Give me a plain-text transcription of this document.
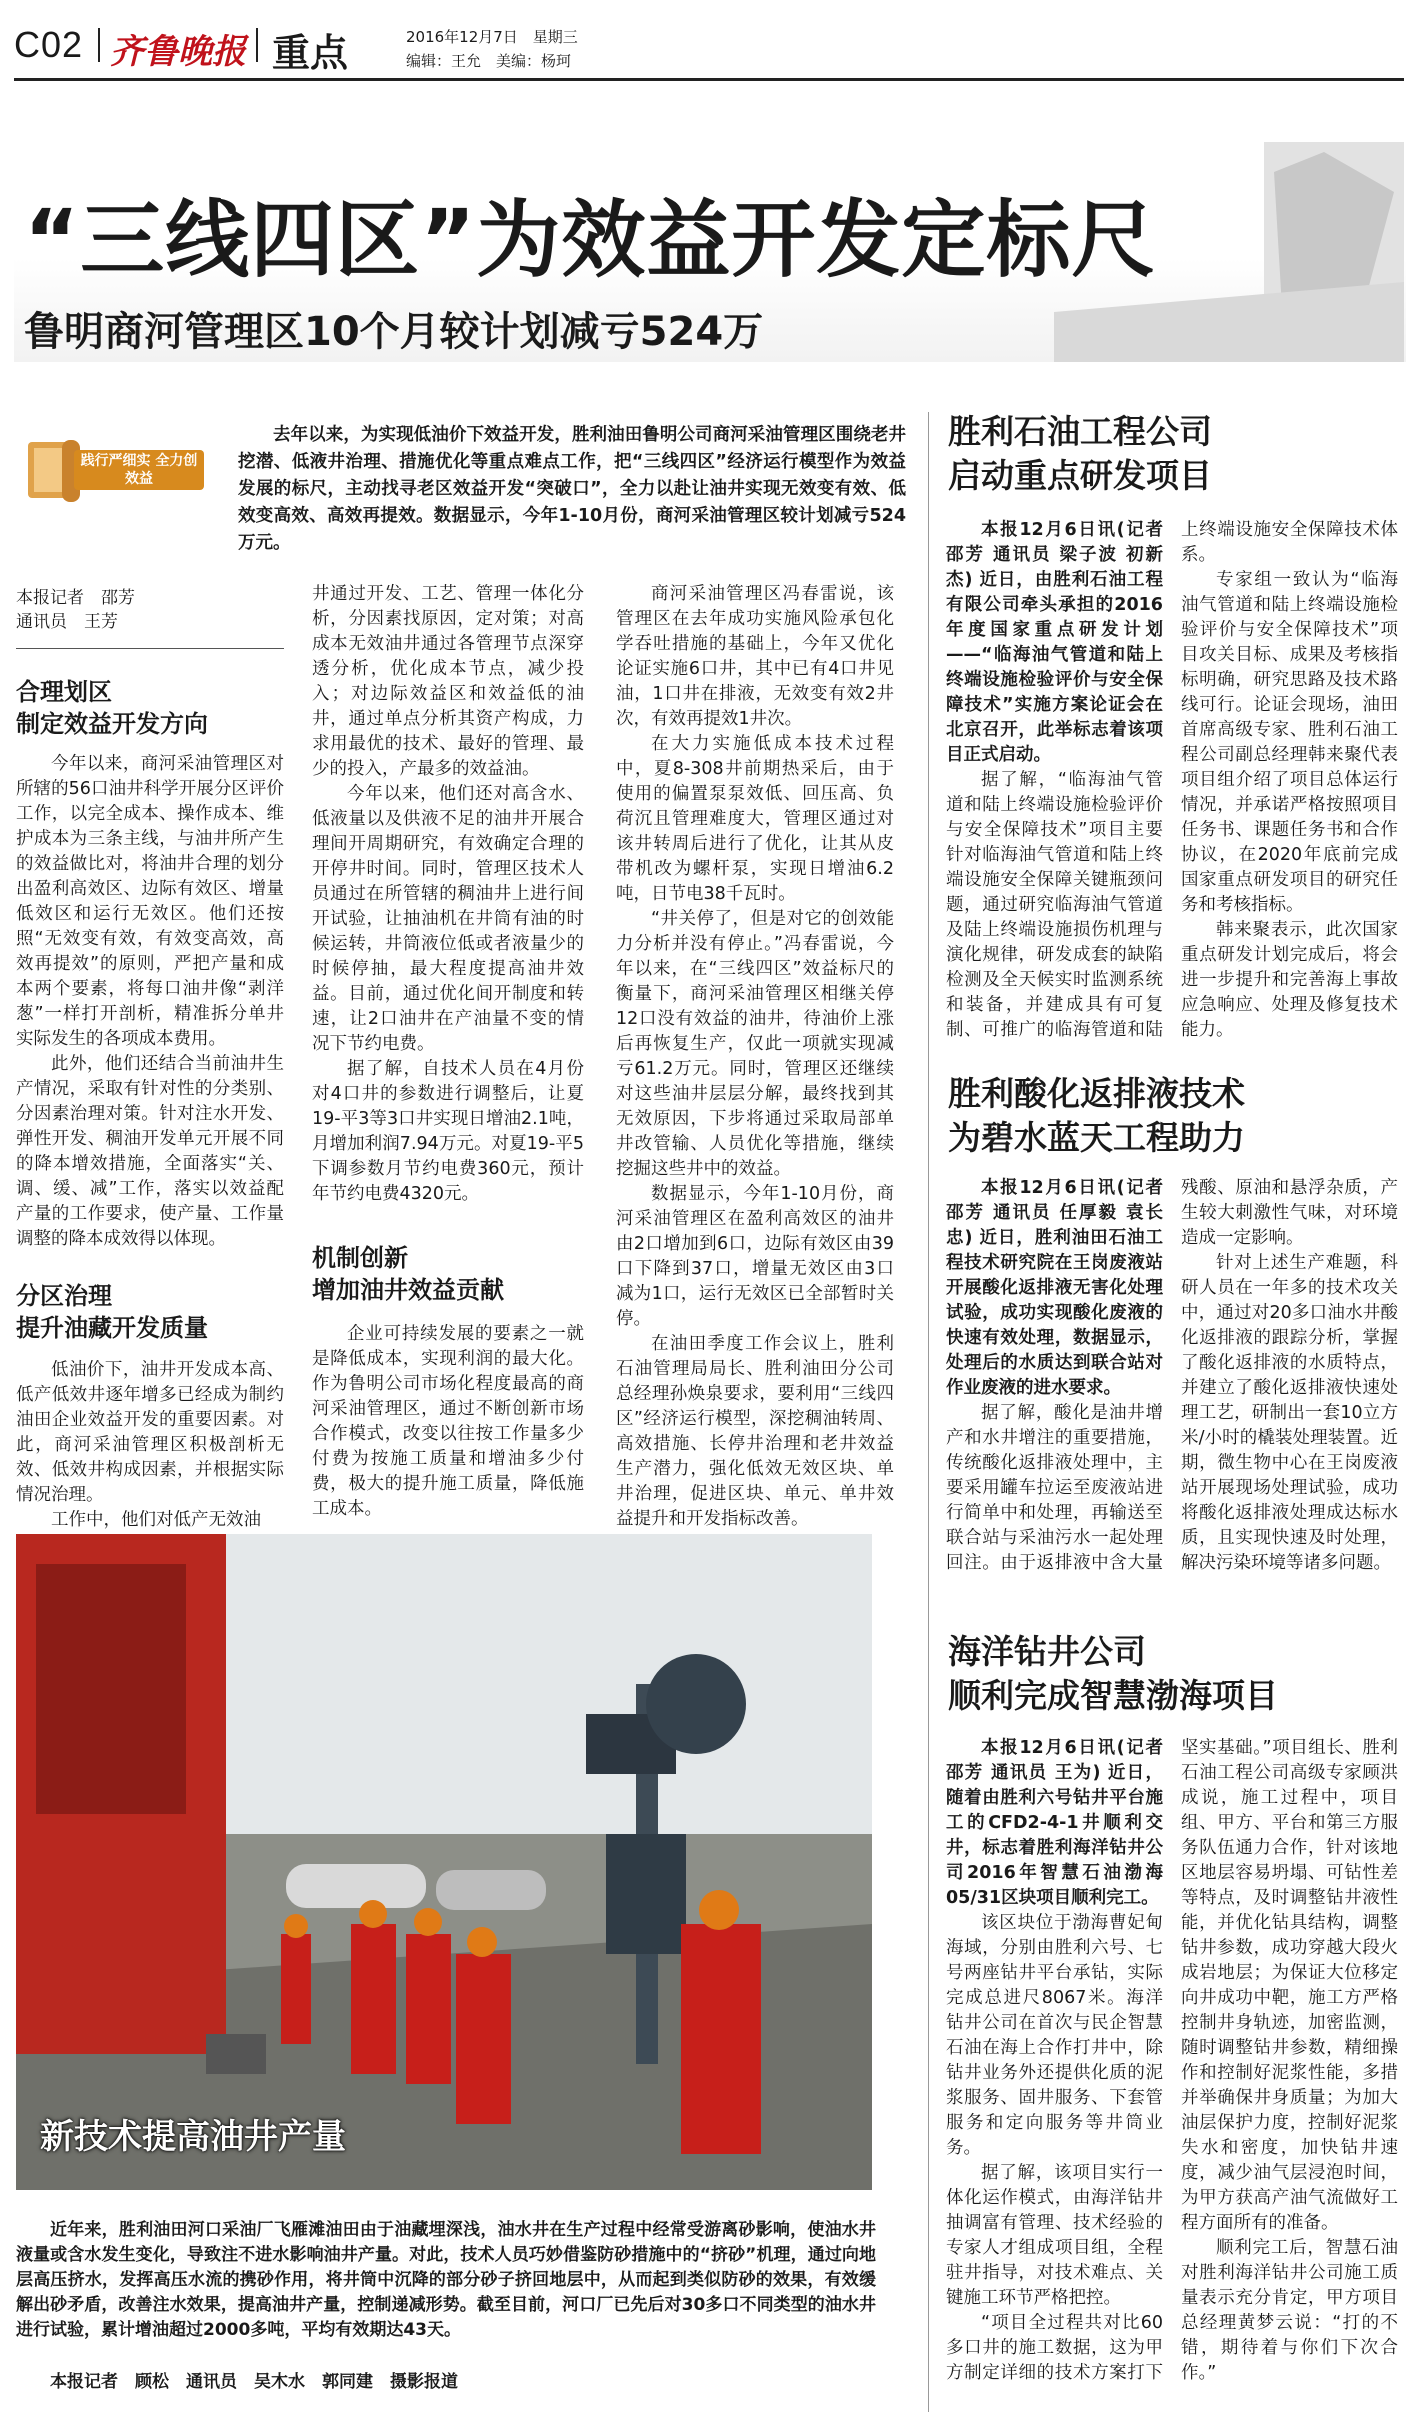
C02 齐鲁晚报 重点	2016年12月7日　星期三
编辑：王允　美编：杨珂
“三线四区”为效益开发定标尺
鲁明商河管理区10个月较计划减亏524万
践行严细实 全力创效益

去年以来，为实现低油价下效益开发，胜利油田鲁明公司商河采油管理区围绕老井挖潜、低液井治理、措施优化等重点难点工作，把“三线四区”经济运行模型作为效益发展的标尺，主动找寻老区效益开发“突破口”，全力以赴让油井实现无效变有效、低效变高效、高效再提效。数据显示，今年1-10月份，商河采油管理区较计划减亏524万元。

本报记者　邵芳
通讯员　王芳
合理划区
制定效益开发方向

今年以来，商河采油管理区对所辖的56口油井科学开展分区评价工作，以完全成本、操作成本、维护成本为三条主线，与油井所产生的效益做比对，将油井合理的划分出盈利高效区、边际有效区、增量低效区和运行无效区。他们还按照“无效变有效，有效变高效，高效再提效”的原则，严把产量和成本两个要素，将每口油井像“剥洋葱”一样打开剖析，精准拆分单井实际发生的各项成本费用。

此外，他们还结合当前油井生产情况，采取有针对性的分类别、分因素治理对策。针对注水开发、弹性开发、稠油开发单元开展不同的降本增效措施，全面落实“关、调、缓、减”工作，落实以效益配产量的工作要求，使产量、工作量调整的降本成效得以体现。

分区治理
提升油藏开发质量

低油价下，油井开发成本高、低产低效井逐年增多已经成为制约油田企业效益开发的重要因素。对此，商河采油管理区积极剖析无效、低效井构成因素，并根据实际情况治理。

工作中，他们对低产无效油

井通过开发、工艺、管理一体化分析，分因素找原因，定对策；对高成本无效油井通过各管理节点深穿透分析，优化成本节点，减少投入；对边际效益区和效益低的油井，通过单点分析其资产构成，力求用最优的技术、最好的管理、最少的投入，产最多的效益油。

今年以来，他们还对高含水、低液量以及供液不足的油井开展合理间开周期研究，有效确定合理的开停井时间。同时，管理区技术人员通过在所管辖的稠油井上进行间开试验，让抽油机在井筒有油的时候运转，井筒液位低或者液量少的时候停抽，最大程度提高油井效益。目前，通过优化间开制度和转速，让2口油井在产油量不变的情况下节约电费。

据了解，自技术人员在4月份对4口井的参数进行调整后，让夏19-平3等3口井实现日增油2.1吨，月增加利润7.94万元。对夏19-平5下调参数月节约电费360元，预计年节约电费4320元。

机制创新
增加油井效益贡献

企业可持续发展的要素之一就是降低成本，实现利润的最大化。作为鲁明公司市场化程度最高的商河采油管理区，通过不断创新市场合作模式，改变以往按工作量多少付费为按施工质量和增油多少付费，极大的提升施工质量，降低施工成本。

商河采油管理区冯春雷说，该管理区在去年成功实施风险承包化学吞吐措施的基础上，今年又优化论证实施6口井，其中已有4口井见油，1口井在排液，无效变有效2井次，有效再提效1井次。

在大力实施低成本技术过程中，夏8-308井前期热采后，由于使用的偏置泵泵效低、回压高、负荷沉且管理难度大，管理区通过对该井转周后进行了优化，让其从皮带机改为螺杆泵，实现日增油6.2吨，日节电38千瓦时。

“井关停了，但是对它的创效能力分析并没有停止。”冯春雷说，今年以来，在“三线四区”效益标尺的衡量下，商河采油管理区相继关停12口没有效益的油井，待油价上涨后再恢复生产，仅此一项就实现减亏61.2万元。同时，管理区还继续对这些油井层层分解，最终找到其无效原因，下步将通过采取局部单井改管输、人员优化等措施，继续挖掘这些井中的效益。

数据显示，今年1-10月份，商河采油管理区在盈利高效区的油井由2口增加到6口，边际有效区由39口下降到37口，增量无效区由3口减为1口，运行无效区已全部暂时关停。

在油田季度工作会议上，胜利石油管理局局长、胜利油田分公司总经理孙焕泉要求，要利用“三线四区”经济运行模型，深挖稠油转周、高效措施、长停井治理和老井效益生产潜力，强化低效无效区块、单井治理，促进区块、单元、单井效益提升和开发指标改善。

新技术提高油井产量

近年来，胜利油田河口采油厂飞雁滩油田由于油藏埋深浅，油水井在生产过程中经常受游离砂影响，使油水井液量或含水发生变化，导致注不进水影响油井产量。对此，技术人员巧妙借鉴防砂措施中的“挤砂”机理，通过向地层高压挤水，发挥高压水流的携砂作用，将井筒中沉降的部分砂子挤回地层中，从而起到类似防砂的效果，有效缓解出砂矛盾，改善注水效果，提高油井产量，控制递减形势。截至目前，河口厂已先后对30多口不同类型的油水井进行试验，累计增油超过2000多吨，平均有效期达43天。

本报记者　顾松　通讯员　吴木水　郭同建　摄影报道

胜利石油工程公司
启动重点研发项目

本报12月6日讯(记者 邵芳 通讯员 梁子波 初新杰) 近日，由胜利石油工程有限公司牵头承担的2016年度国家重点研发计划——“临海油气管道和陆上终端设施检验评价与安全保障技术”实施方案论证会在北京召开，此举标志着该项目正式启动。

据了解，“临海油气管道和陆上终端设施检验评价与安全保障技术”项目主要针对临海油气管道和陆上终端设施安全保障关键瓶颈问题，通过研究临海油气管道及陆上终端设施损伤机理与演化规律，研发成套的缺陷检测及全天候实时监测系统和装备，并建成具有可复制、可推广的临海管道和陆上终端设施安全保障技术体系。

专家组一致认为“临海油气管道和陆上终端设施检验评价与安全保障技术”项目攻关目标、成果及考核指标明确，研究思路及技术路线可行。论证会现场，油田首席高级专家、胜利石油工程公司副总经理韩来聚代表项目组介绍了项目总体运行情况，并承诺严格按照项目任务书、课题任务书和合作协议，在2020年底前完成国家重点研发项目的研究任务和考核指标。

韩来聚表示，此次国家重点研发计划完成后，将会进一步提升和完善海上事故应急响应、处理及修复技术能力。

胜利酸化返排液技术
为碧水蓝天工程助力

本报12月6日讯(记者 邵芳 通讯员 任厚毅 袁长忠) 近日，胜利油田石油工程技术研究院在王岗废液站开展酸化返排液无害化处理试验，成功实现酸化废液的快速有效处理，数据显示，处理后的水质达到联合站对作业废液的进水要求。

据了解，酸化是油井增产和水井增注的重要措施，传统酸化返排液处理中，主要采用罐车拉运至废液站进行简单中和处理，再输送至联合站与采油污水一起处理回注。由于返排液中含大量残酸、原油和悬浮杂质，产生较大刺激性气味，对环境造成一定影响。

针对上述生产难题，科研人员在一年多的技术攻关中，通过对20多口油水井酸化返排液的跟踪分析，掌握了酸化返排液的水质特点，并建立了酸化返排液快速处理工艺，研制出一套10立方米/小时的橇装处理装置。近期，微生物中心在王岗废液站开展现场处理试验，成功将酸化返排液处理成达标水质，且实现快速及时处理，解决污染环境等诸多问题。

海洋钻井公司
顺利完成智慧渤海项目

本报12月6日讯(记者 邵芳 通讯员 王为) 近日，随着由胜利六号钻井平台施工的CFD2-4-1井顺利交井，标志着胜利海洋钻井公司2016年智慧石油渤海05/31区块项目顺利完工。

该区块位于渤海曹妃甸海域，分别由胜利六号、七号两座钻井平台承钻，实际完成总进尺8067米。海洋钻井公司在首次与民企智慧石油在海上合作打井中，除钻井业务外还提供化质的泥浆服务、固井服务、下套管服务和定向服务等井筒业务。

据了解，该项目实行一体化运作模式，由海洋钻井抽调富有管理、技术经验的专家人才组成项目组，全程驻井指导，对技术难点、关键施工环节严格把控。

“项目全过程共对比60多口井的施工数据，这为甲方制定详细的技术方案打下坚实基础。”项目组长、胜利石油工程公司高级专家顾洪成说，施工过程中，项目组、甲方、平台和第三方服务队伍通力合作，针对该地区地层容易坍塌、可钻性差等特点，及时调整钻井液性能，并优化钻具结构，调整钻井参数，成功穿越大段火成岩地层；为保证大位移定向井成功中靶，施工方严格控制井身轨迹，加密监测，随时调整钻井参数，精细操作和控制好泥浆性能，多措并举确保井身质量；为加大油层保护力度，控制好泥浆失水和密度，加快钻井速度，减少油气层浸泡时间，为甲方获高产油气流做好工程方面所有的准备。

顺利完工后，智慧石油对胜利海洋钻井公司施工质量表示充分肯定，甲方项目总经理黄梦云说：“打的不错，期待着与你们下次合作。”
